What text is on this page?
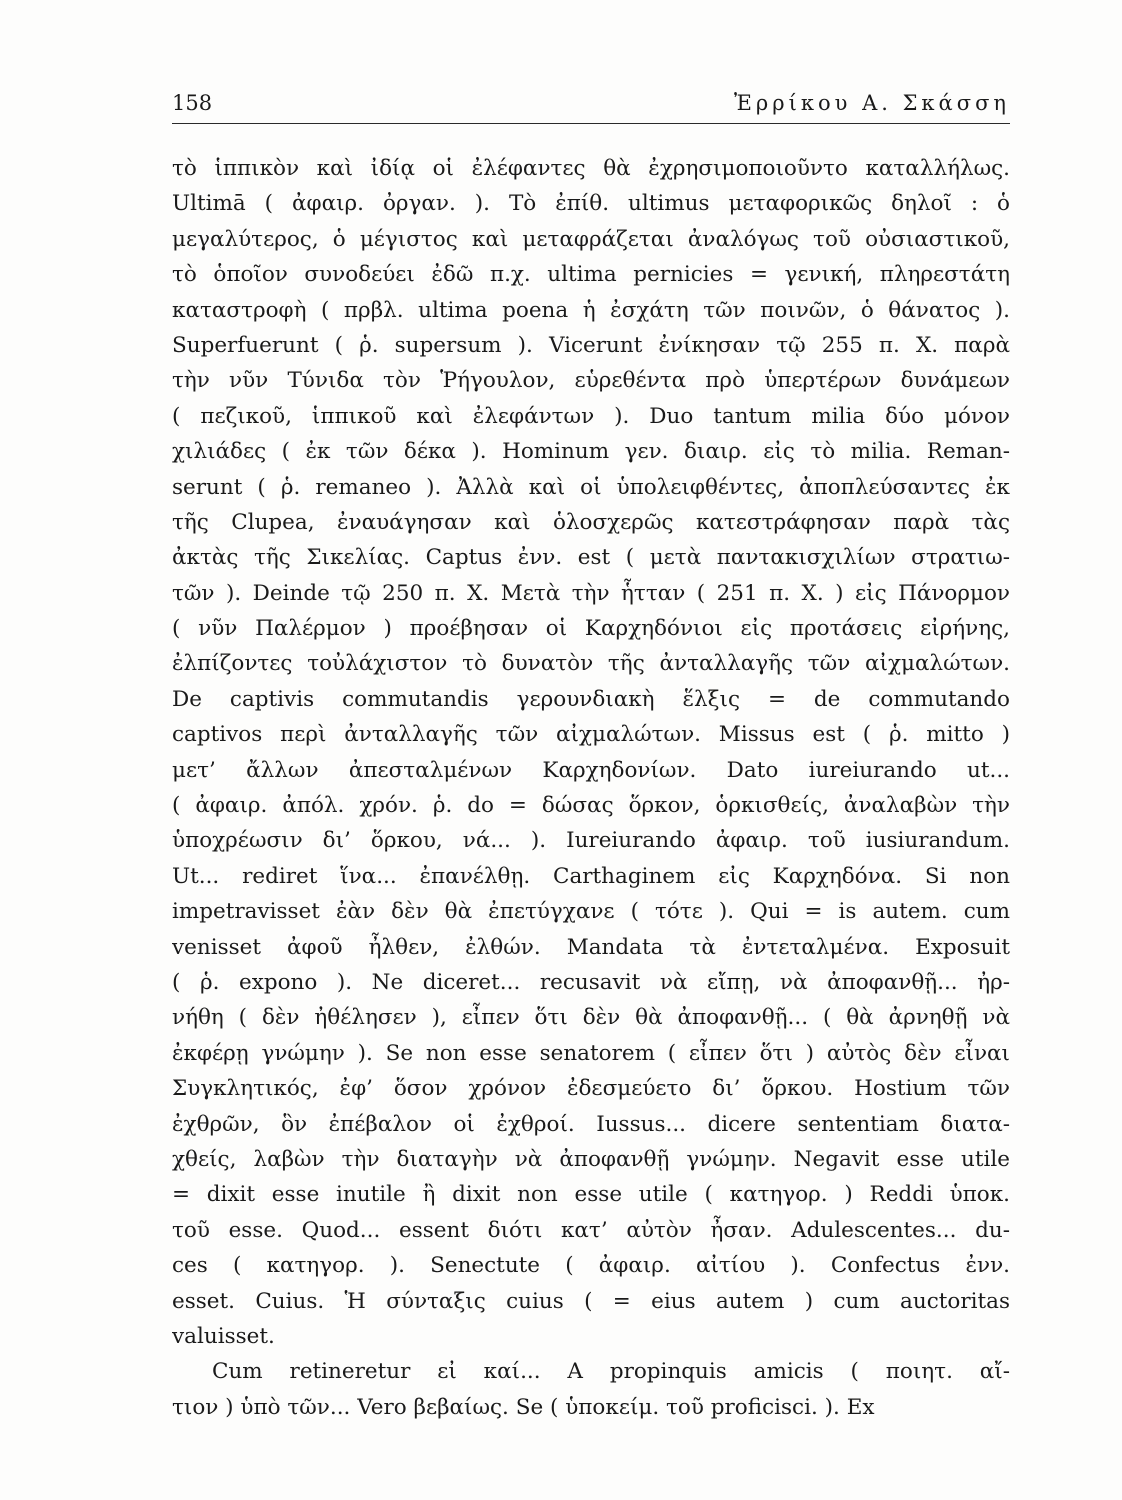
158	Ἐρρίκου Α. Σκάσση
τὸ ἱππικὸν καὶ ἰδίᾳ οἱ ἐλέφαντες θὰ ἐχρησιμοποιοῦντο καταλλήλως.
Ultimā ( ἀφαιρ. ὀργαν. ). Τὸ ἐπίθ. ultimus μεταφορικῶς δηλοῖ : ὁ
μεγαλύτερος, ὁ μέγιστος καὶ μεταφράζεται ἀναλόγως τοῦ οὐσιαστικοῦ,
τὸ ὁποῖον συνοδεύει ἐδῶ π.χ. ultima pernicies = γενική, πληρεστάτη
καταστροφὴ ( πρβλ. ultima poena ἡ ἐσχάτη τῶν ποινῶν, ὁ θάνατος ).
Superfuerunt ( ῥ. supersum ). Vicerunt ἐνίκησαν τῷ 255 π. Χ. παρὰ
τὴν νῦν Τύνιδα τὸν Ῥήγουλον, εὑρεθέντα πρὸ ὑπερτέρων δυνάμεων
( πεζικοῦ, ἱππικοῦ καὶ ἐλεφάντων ). Duo tantum milia δύο μόνον
χιλιάδες ( ἐκ τῶν δέκα ). Hominum γεν. διαιρ. εἰς τὸ milia. Reman-
serunt ( ῥ. remaneo ). Ἀλλὰ καὶ οἱ ὑπολειφθέντες, ἀποπλεύσαντες ἐκ
τῆς Clupea, ἐναυάγησαν καὶ ὁλοσχερῶς κατεστράφησαν παρὰ τὰς
ἀκτὰς τῆς Σικελίας. Captus ἐνν. est ( μετὰ παντακισχιλίων στρατιω-
τῶν ). Deinde τῷ 250 π. Χ. Μετὰ τὴν ἧτταν ( 251 π. Χ. ) εἰς Πάνορμον
( νῦν Παλέρμον ) προέβησαν οἱ Καρχηδόνιοι εἰς προτάσεις εἰρήνης,
ἐλπίζοντες τοὐλάχιστον τὸ δυνατὸν τῆς ἀνταλλαγῆς τῶν αἰχμαλώτων.
De captivis commutandis γερουνδιακὴ ἕλξις = de commutando
captivos περὶ ἀνταλλαγῆς τῶν αἰχμαλώτων. Missus est ( ῥ. mitto )
μετ’ ἄλλων ἀπεσταλμένων Καρχηδονίων. Dato iureiurando ut...
( ἀφαιρ. ἀπόλ. χρόν. ῥ. do = δώσας ὅρκον, ὁρκισθείς, ἀναλαβὼν τὴν
ὑποχρέωσιν δι’ ὅρκου, νά... ). Iureiurando ἀφαιρ. τοῦ iusiurandum.
Ut... rediret ἵνα... ἐπανέλθῃ. Carthaginem εἰς Καρχηδόνα. Si non
impetravisset ἐὰν δὲν θὰ ἐπετύγχανε ( τότε ). Qui = is autem. cum
venisset ἀφοῦ ἦλθεν, ἐλθών. Mandata τὰ ἐντεταλμένα. Exposuit
( ῥ. expono ). Ne diceret... recusavit νὰ εἴπῃ, νὰ ἀποφανθῇ... ἠρ-
νήθη ( δὲν ἠθέλησεν ), εἶπεν ὅτι δὲν θὰ ἀποφανθῇ... ( θὰ ἀρνηθῇ νὰ
ἐκφέρῃ γνώμην ). Se non esse senatorem ( εἶπεν ὅτι ) αὐτὸς δὲν εἶναι
Συγκλητικός, ἐφ’ ὅσον χρόνον ἐδεσμεύετο δι’ ὅρκου. Hostium τῶν
ἐχθρῶν, ὃν ἐπέβαλον οἱ ἐχθροί. Iussus... dicere sententiam διατα-
χθείς, λαβὼν τὴν διαταγὴν νὰ ἀποφανθῇ γνώμην. Negavit esse utile
= dixit esse inutile ἢ dixit non esse utile ( κατηγορ. ) Reddi ὑποκ.
τοῦ esse. Quod... essent διότι κατ’ αὐτὸν ἦσαν. Adulescentes... du-
ces ( κατηγορ. ). Senectute ( ἀφαιρ. αἰτίου ). Confectus ἐνν.
esset. Cuius. Ἡ σύνταξις cuius ( = eius autem ) cum auctoritas
valuisset.
Cum retineretur εἰ καί... A propinquis amicis ( ποιητ. αἴ-
τιον ) ὑπὸ τῶν... Vero βεβαίως. Se ( ὑποκείμ. τοῦ proficisci. ). Ex
